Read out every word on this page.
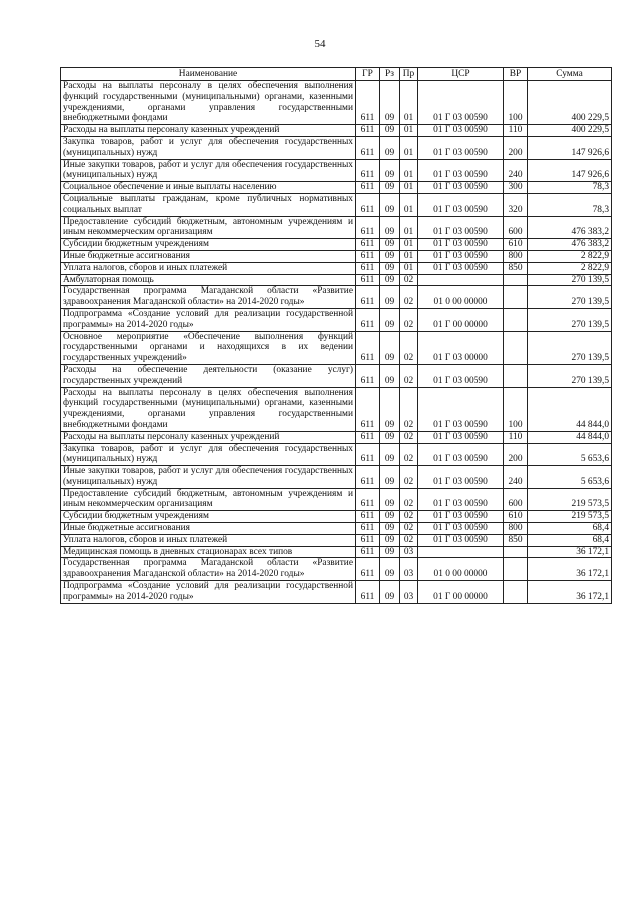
54
Наименование	ГР	Рз	Пр	ЦСР	ВР	Сумма
Расходы на выплаты персоналу в целях обеспечения выполнения функций государственными (муниципальными) органами, казенными учреждениями, органами управления государственными внебюджетными фондами	611	09	01	01 Г 03 00590	100	400 229,5
Расходы на выплаты персоналу казенных учреждений	611	09	01	01 Г 03 00590	110	400 229,5
Закупка товаров, работ и услуг для обеспечения государственных (муниципальных) нужд	611	09	01	01 Г 03 00590	200	147 926,6
Иные закупки товаров, работ и услуг для обеспечения государственных (муниципальных) нужд	611	09	01	01 Г 03 00590	240	147 926,6
Социальное обеспечение и иные выплаты населению	611	09	01	01 Г 03 00590	300	78,3
Социальные выплаты гражданам, кроме публичных нормативных социальных выплат	611	09	01	01 Г 03 00590	320	78,3
Предоставление субсидий бюджетным, автономным учреждениям и иным некоммерческим организациям	611	09	01	01 Г 03 00590	600	476 383,2
Субсидии бюджетным учреждениям	611	09	01	01 Г 03 00590	610	476 383,2
Иные бюджетные ассигнования	611	09	01	01 Г 03 00590	800	2 822,9
Уплата налогов, сборов и иных платежей	611	09	01	01 Г 03 00590	850	2 822,9
Амбулаторная помощь	611	09	02			270 139,5
Государственная программа Магаданской области «Развитие здравоохранения Магаданской области» на 2014-2020 годы»	611	09	02	01 0 00 00000		270 139,5
Подпрограмма «Создание условий для реализации государственной программы» на 2014-2020 годы»	611	09	02	01 Г 00 00000		270 139,5
Основное мероприятие «Обеспечение выполнения функций государственными органами и находящихся в их ведении государственных учреждений»	611	09	02	01 Г 03 00000		270 139,5
Расходы на обеспечение деятельности (оказание услуг) государственных учреждений	611	09	02	01 Г 03 00590		270 139,5
Расходы на выплаты персоналу в целях обеспечения выполнения функций государственными (муниципальными) органами, казенными учреждениями, органами управления государственными внебюджетными фондами	611	09	02	01 Г 03 00590	100	44 844,0
Расходы на выплаты персоналу казенных учреждений	611	09	02	01 Г 03 00590	110	44 844,0
Закупка товаров, работ и услуг для обеспечения государственных (муниципальных) нужд	611	09	02	01 Г 03 00590	200	5 653,6
Иные закупки товаров, работ и услуг для обеспечения государственных (муниципальных) нужд	611	09	02	01 Г 03 00590	240	5 653,6
Предоставление субсидий бюджетным, автономным учреждениям и иным некоммерческим организациям	611	09	02	01 Г 03 00590	600	219 573,5
Субсидии бюджетным учреждениям	611	09	02	01 Г 03 00590	610	219 573,5
Иные бюджетные ассигнования	611	09	02	01 Г 03 00590	800	68,4
Уплата налогов, сборов и иных платежей	611	09	02	01 Г 03 00590	850	68,4
Медицинская помощь в дневных стационарах всех типов	611	09	03			36 172,1
Государственная программа Магаданской области «Развитие здравоохранения Магаданской области» на 2014-2020 годы»	611	09	03	01 0 00 00000		36 172,1
Подпрограмма «Создание условий для реализации государственной программы» на 2014-2020 годы»	611	09	03	01 Г 00 00000		36 172,1
